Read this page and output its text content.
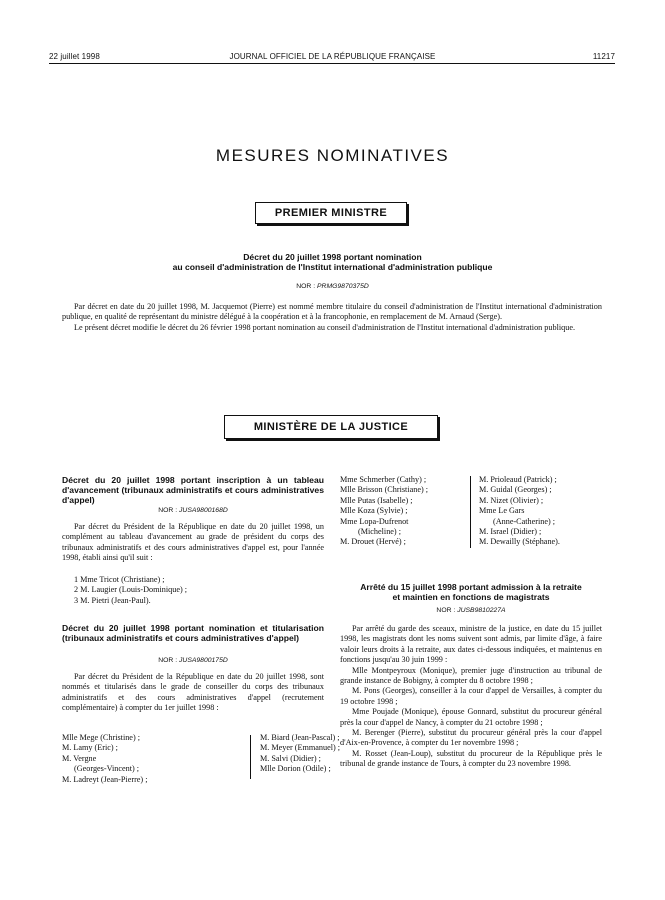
22 juillet 1998	JOURNAL OFFICIEL DE LA RÉPUBLIQUE FRANÇAISE	11217
MESURES NOMINATIVES
PREMIER MINISTRE
Décret du 20 juillet 1998 portant nomination
au conseil d'administration de l'Institut international d'administration publique
NOR : PRMG9870375D

Par décret en date du 20 juillet 1998, M. Jacquemot (Pierre) est nommé membre titulaire du conseil d'administration de l'Institut international d'administration publique, en qualité de représentant du ministre délégué à la coopération et à la francophonie, en remplacement de M. Arnaud (Serge).

Le présent décret modifie le décret du 26 février 1998 portant nomination au conseil d'administration de l'Institut international d'administration publique.

MINISTÈRE DE LA JUSTICE
Décret du 20 juillet 1998 portant inscription à un tableau d'avancement (tribunaux administratifs et cours administratives d'appel)
NOR : JUSA9800168D

Par décret du Président de la République en date du 20 juillet 1998, un complément au tableau d'avancement au grade de président du corps des tribunaux administratifs et des cours administratives d'appel est, pour l'année 1998, établi ainsi qu'il suit :

1 Mme Tricot (Christiane) ;
2 M. Laugier (Louis-Dominique) ;
3 M. Pietri (Jean-Paul).
Décret du 20 juillet 1998 portant nomination et titularisation (tribunaux administratifs et cours administratives d'appel)
NOR : JUSA9800175D

Par décret du Président de la République en date du 20 juillet 1998, sont nommés et titularisés dans le grade de conseiller du corps des tribunaux administratifs et des cours administratives d'appel (recrutement complémentaire) à compter du 1er juillet 1998 :

Mlle Mege (Christine) ;
M. Lamy (Eric) ;
M. Vergne
(Georges-Vincent) ;
M. Ladreyt (Jean-Pierre) ;
M. Biard (Jean-Pascal) ;
M. Meyer (Emmanuel) ;
M. Salvi (Didier) ;
Mlle Dorion (Odile) ;
Mme Schmerber (Cathy) ;
Mlle Brisson (Christiane) ;
Mlle Putas (Isabelle) ;
Mlle Koza (Sylvie) ;
Mme Lopa-Dufrenot
(Micheline) ;
M. Drouet (Hervé) ;
M. Prioleaud (Patrick) ;
M. Guidal (Georges) ;
M. Nizet (Olivier) ;
Mme Le Gars
(Anne-Catherine) ;
M. Israel (Didier) ;
M. Dewailly (Stéphane).
Arrêté du 15 juillet 1998 portant admission à la retraite
et maintien en fonctions de magistrats
NOR : JUSB9810227A

Par arrêté du garde des sceaux, ministre de la justice, en date du 15 juillet 1998, les magistrats dont les noms suivent sont admis, par limite d'âge, à faire valoir leurs droits à la retraite, aux dates ci-dessous indiquées, et maintenus en fonctions jusqu'au 30 juin 1999 :

Mlle Montpeyroux (Monique), premier juge d'instruction au tribunal de grande instance de Bobigny, à compter du 8 octobre 1998 ;

M. Pons (Georges), conseiller à la cour d'appel de Versailles, à compter du 19 octobre 1998 ;

Mme Poujade (Monique), épouse Gonnard, substitut du procureur général près la cour d'appel de Nancy, à compter du 21 octobre 1998 ;

M. Berenger (Pierre), substitut du procureur général près la cour d'appel d'Aix-en-Provence, à compter du 1er novembre 1998 ;

M. Rosset (Jean-Loup), substitut du procureur de la République près le tribunal de grande instance de Tours, à compter du 23 novembre 1998.
